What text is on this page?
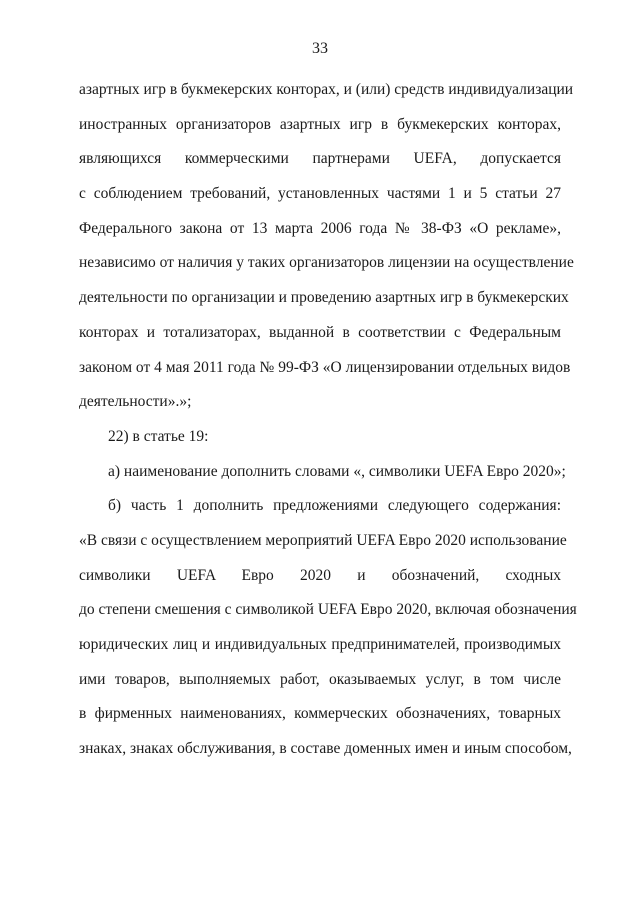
33
азартных игр в букмекерских конторах, и (или) средств индивидуализации
иностранных организаторов азартных игр в букмекерских конторах,
являющихся коммерческими партнерами UEFA, допускается
с соблюдением требований, установленных частями 1 и 5 статьи 27
Федерального закона от 13 марта 2006 года № 38-ФЗ «О рекламе»,
независимо от наличия у таких организаторов лицензии на осуществление
деятельности по организации и проведению азартных игр в букмекерских
конторах и тотализаторах, выданной в соответствии с Федеральным
законом от 4 мая 2011 года № 99-ФЗ «О лицензировании отдельных видов
деятельности».»;
22) в статье 19:
а) наименование дополнить словами «, символики UEFA Евро 2020»;
б) часть 1 дополнить предложениями следующего содержания:
«В связи с осуществлением мероприятий UEFA Евро 2020 использование
символики UEFA Евро 2020 и обозначений, сходных
до степени смешения с символикой UEFA Евро 2020, включая обозначения
юридических лиц и индивидуальных предпринимателей, производимых
ими товаров, выполняемых работ, оказываемых услуг, в том числе
в фирменных наименованиях, коммерческих обозначениях, товарных
знаках, знаках обслуживания, в составе доменных имен и иным способом,
